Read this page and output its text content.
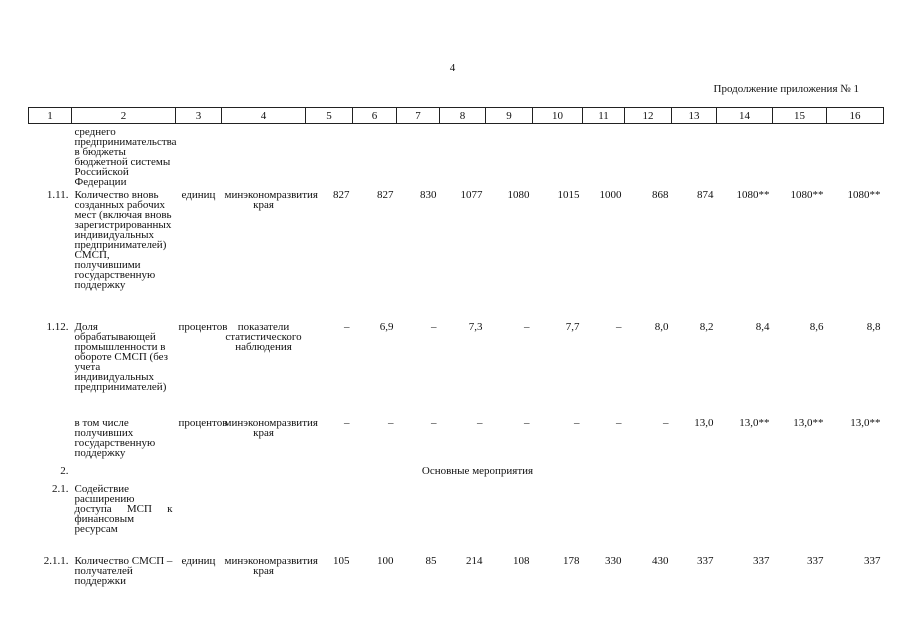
4
Продолжение приложения № 1
1	2	3	4	5	6	7	8	9	10	11	12	13	14	15	16
	среднего предпринимательства в бюджеты бюджетной системы Российской Федерации														
1.11.	Количество вновь созданных рабочих мест (включая вновь зарегистрированных индивидуальных предпринимателей) СМСП, получившими государственную поддержку	единиц	минэкономразвития края	827	827	830	1077	1080	1015	1000	868	874	1080**	1080**	1080**
1.12.	Доля обрабатывающей промышленности в обороте СМСП (без учета индивидуальных предпринимателей)	процентов	показатели статистического наблюдения	–	6,9	–	7,3	–	7,7	–	8,0	8,2	8,4	8,6	8,8
	в том числе получивших государственную поддержку	процентов	минэкономразвития края	–	–	–	–	–	–	–	–	13,0	13,0**	13,0**	13,0**
2.	Основные мероприятия														
2.1.	Содействие расширению доступа МСП к финансовым ресурсам														
2.1.1.	Количество СМСП – получателей поддержки	единиц	минэкономразвития края	105	100	85	214	108	178	330	430	337	337	337	337
